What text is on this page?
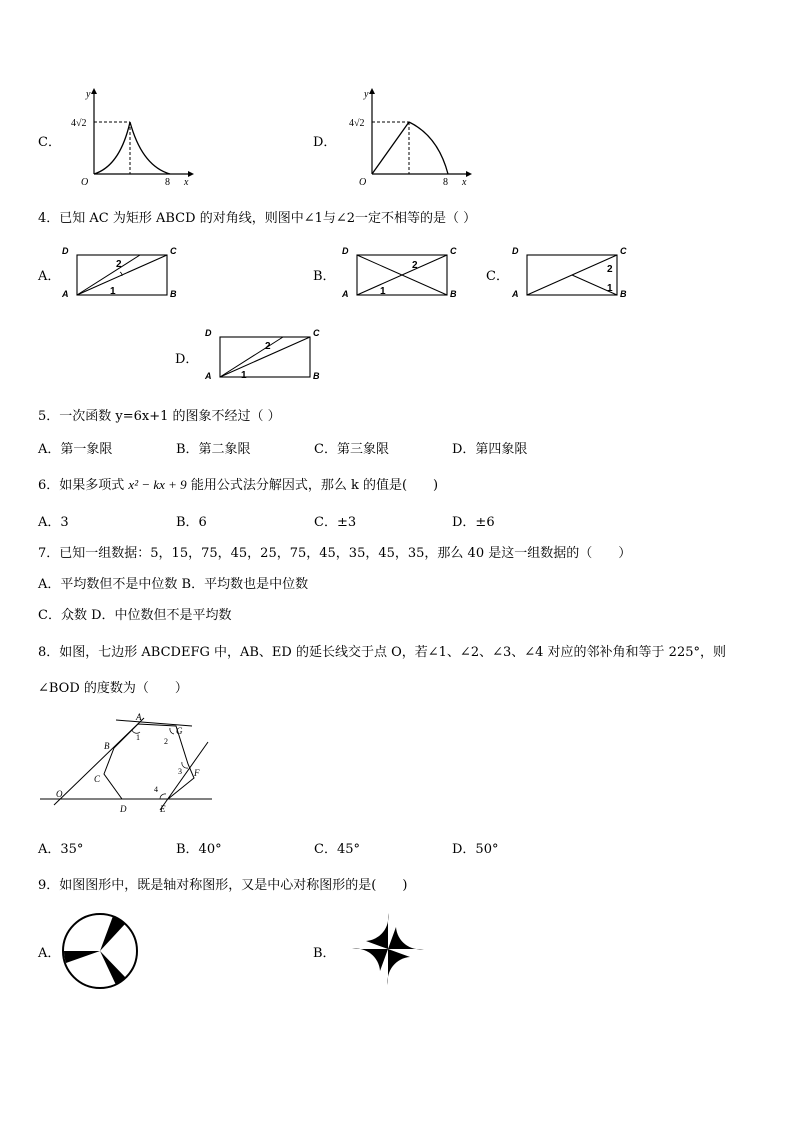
C．
y
4√2
O	8 x
D．
y
4√2
O	8 x
4．已知 AC 为矩形 ABCD 的对角线，则图中∠1与∠2一定不相等的是（ ）
A．
D	C
A	B
2
1
B．
D	C
A	B
2
1
C．
D	C
A	B
2
1
D．
D	C
A	B
2
1
5．一次函数 y=6x+1 的图象不经过（ ）
A．第一象限	B．第二象限	C．第三象限	D．第四象限
6．如果多项式 x² − kx + 9 能用公式法分解因式，那么 k 的值是(　　)
A．3	B．6	C．±3	D．±6
7．已知一组数据：5，15，75，45，25，75，45，35，45，35，那么 40 是这一组数据的（　　）
A．平均数但不是中位数 B．平均数也是中位数
C．众数 D．中位数但不是平均数
8．如图，七边形 ABCDEFG 中，AB、ED 的延长线交于点 O，若∠1、∠2、∠3、∠4 对应的邻补角和等于 225°，则
∠BOD 的度数为（　　）
A
B
C
D	E
F
G
O
1	2
3
4
A．35°	B．40°	C．45°	D．50°
9．如图图形中，既是轴对称图形，又是中心对称图形的是(　　)
A．	B．
